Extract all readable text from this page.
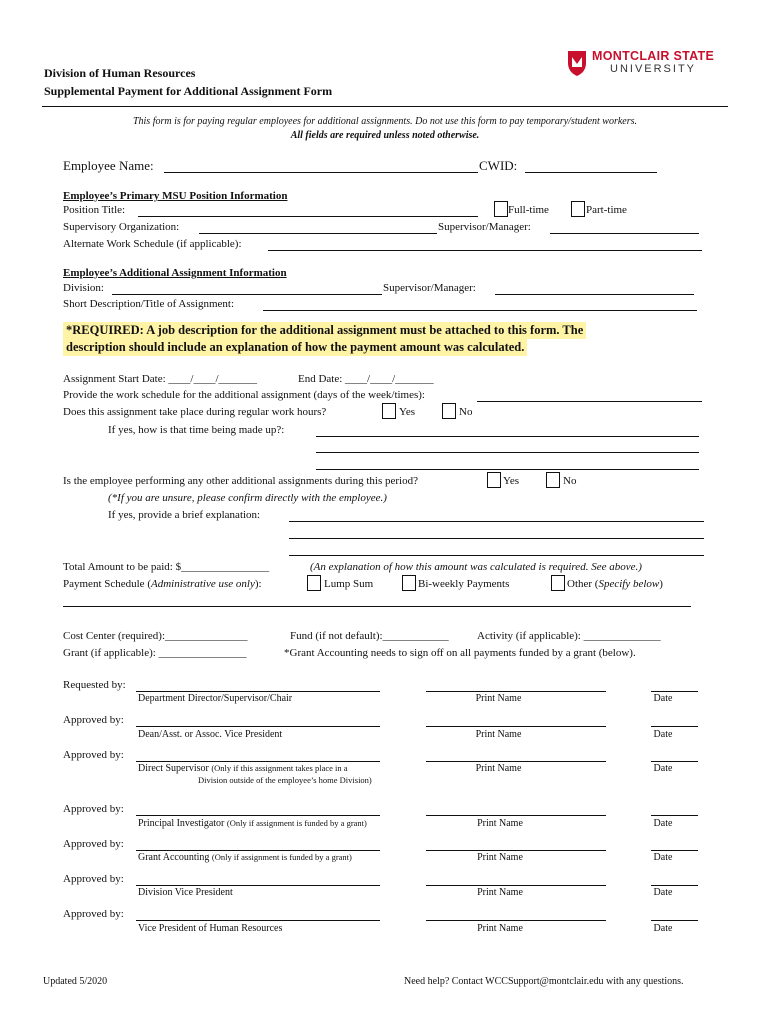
Division of Human Resources
Supplemental Payment for Additional Assignment Form
MONTCLAIR STATE
UNIVERSITY
This form is for paying regular employees for additional assignments. Do not use this form to pay temporary/student workers.
All fields are required unless noted otherwise.
Employee Name:	CWID:
Employee’s Primary MSU Position Information
Position Title:	Full-time	Part-time
Supervisory Organization:	Supervisor/Manager:
Alternate Work Schedule (if applicable):
Employee’s Additional Assignment Information
Division:	Supervisor/Manager:
Short Description/Title of Assignment:
*REQUIRED: A job description for the additional assignment must be attached to this form. The
description should include an explanation of how the payment amount was calculated.
Assignment Start Date: ____/____/_______	End Date: ____/____/_______
Provide the work schedule for the additional assignment (days of the week/times):
Does this assignment take place during regular work hours?	Yes	No
If yes, how is that time being made up?:
Is the employee performing any other additional assignments during this period?	Yes	No
(*If you are unsure, please confirm directly with the employee.)
If yes, provide a brief explanation:
Total Amount to be paid: $________________	(An explanation of how this amount was calculated is required. See above.)
Payment Schedule (Administrative use only):	Lump Sum	Bi-weekly Payments	Other (Specify below)
Cost Center (required):_______________	Fund (if not default):____________	Activity (if applicable): ______________
Grant (if applicable): ________________	*Grant Accounting needs to sign off on all payments funded by a grant (below).
Requested by:
Department Director/Supervisor/Chair	Print Name	Date
Approved by:
Dean/Asst. or Assoc. Vice President	Print Name	Date
Approved by:
Direct Supervisor (Only if this assignment takes place in a
Division outside of the employee’s home Division)
Print Name	Date
Approved by:
Principal Investigator (Only if assignment is funded by a grant)	Print Name	Date
Approved by:
Grant Accounting (Only if assignment is funded by a grant)	Print Name	Date
Approved by:
Division Vice President	Print Name	Date
Approved by:
Vice President of Human Resources	Print Name	Date
Updated 5/2020	Need help? Contact WCCSupport@montclair.edu with any questions.
